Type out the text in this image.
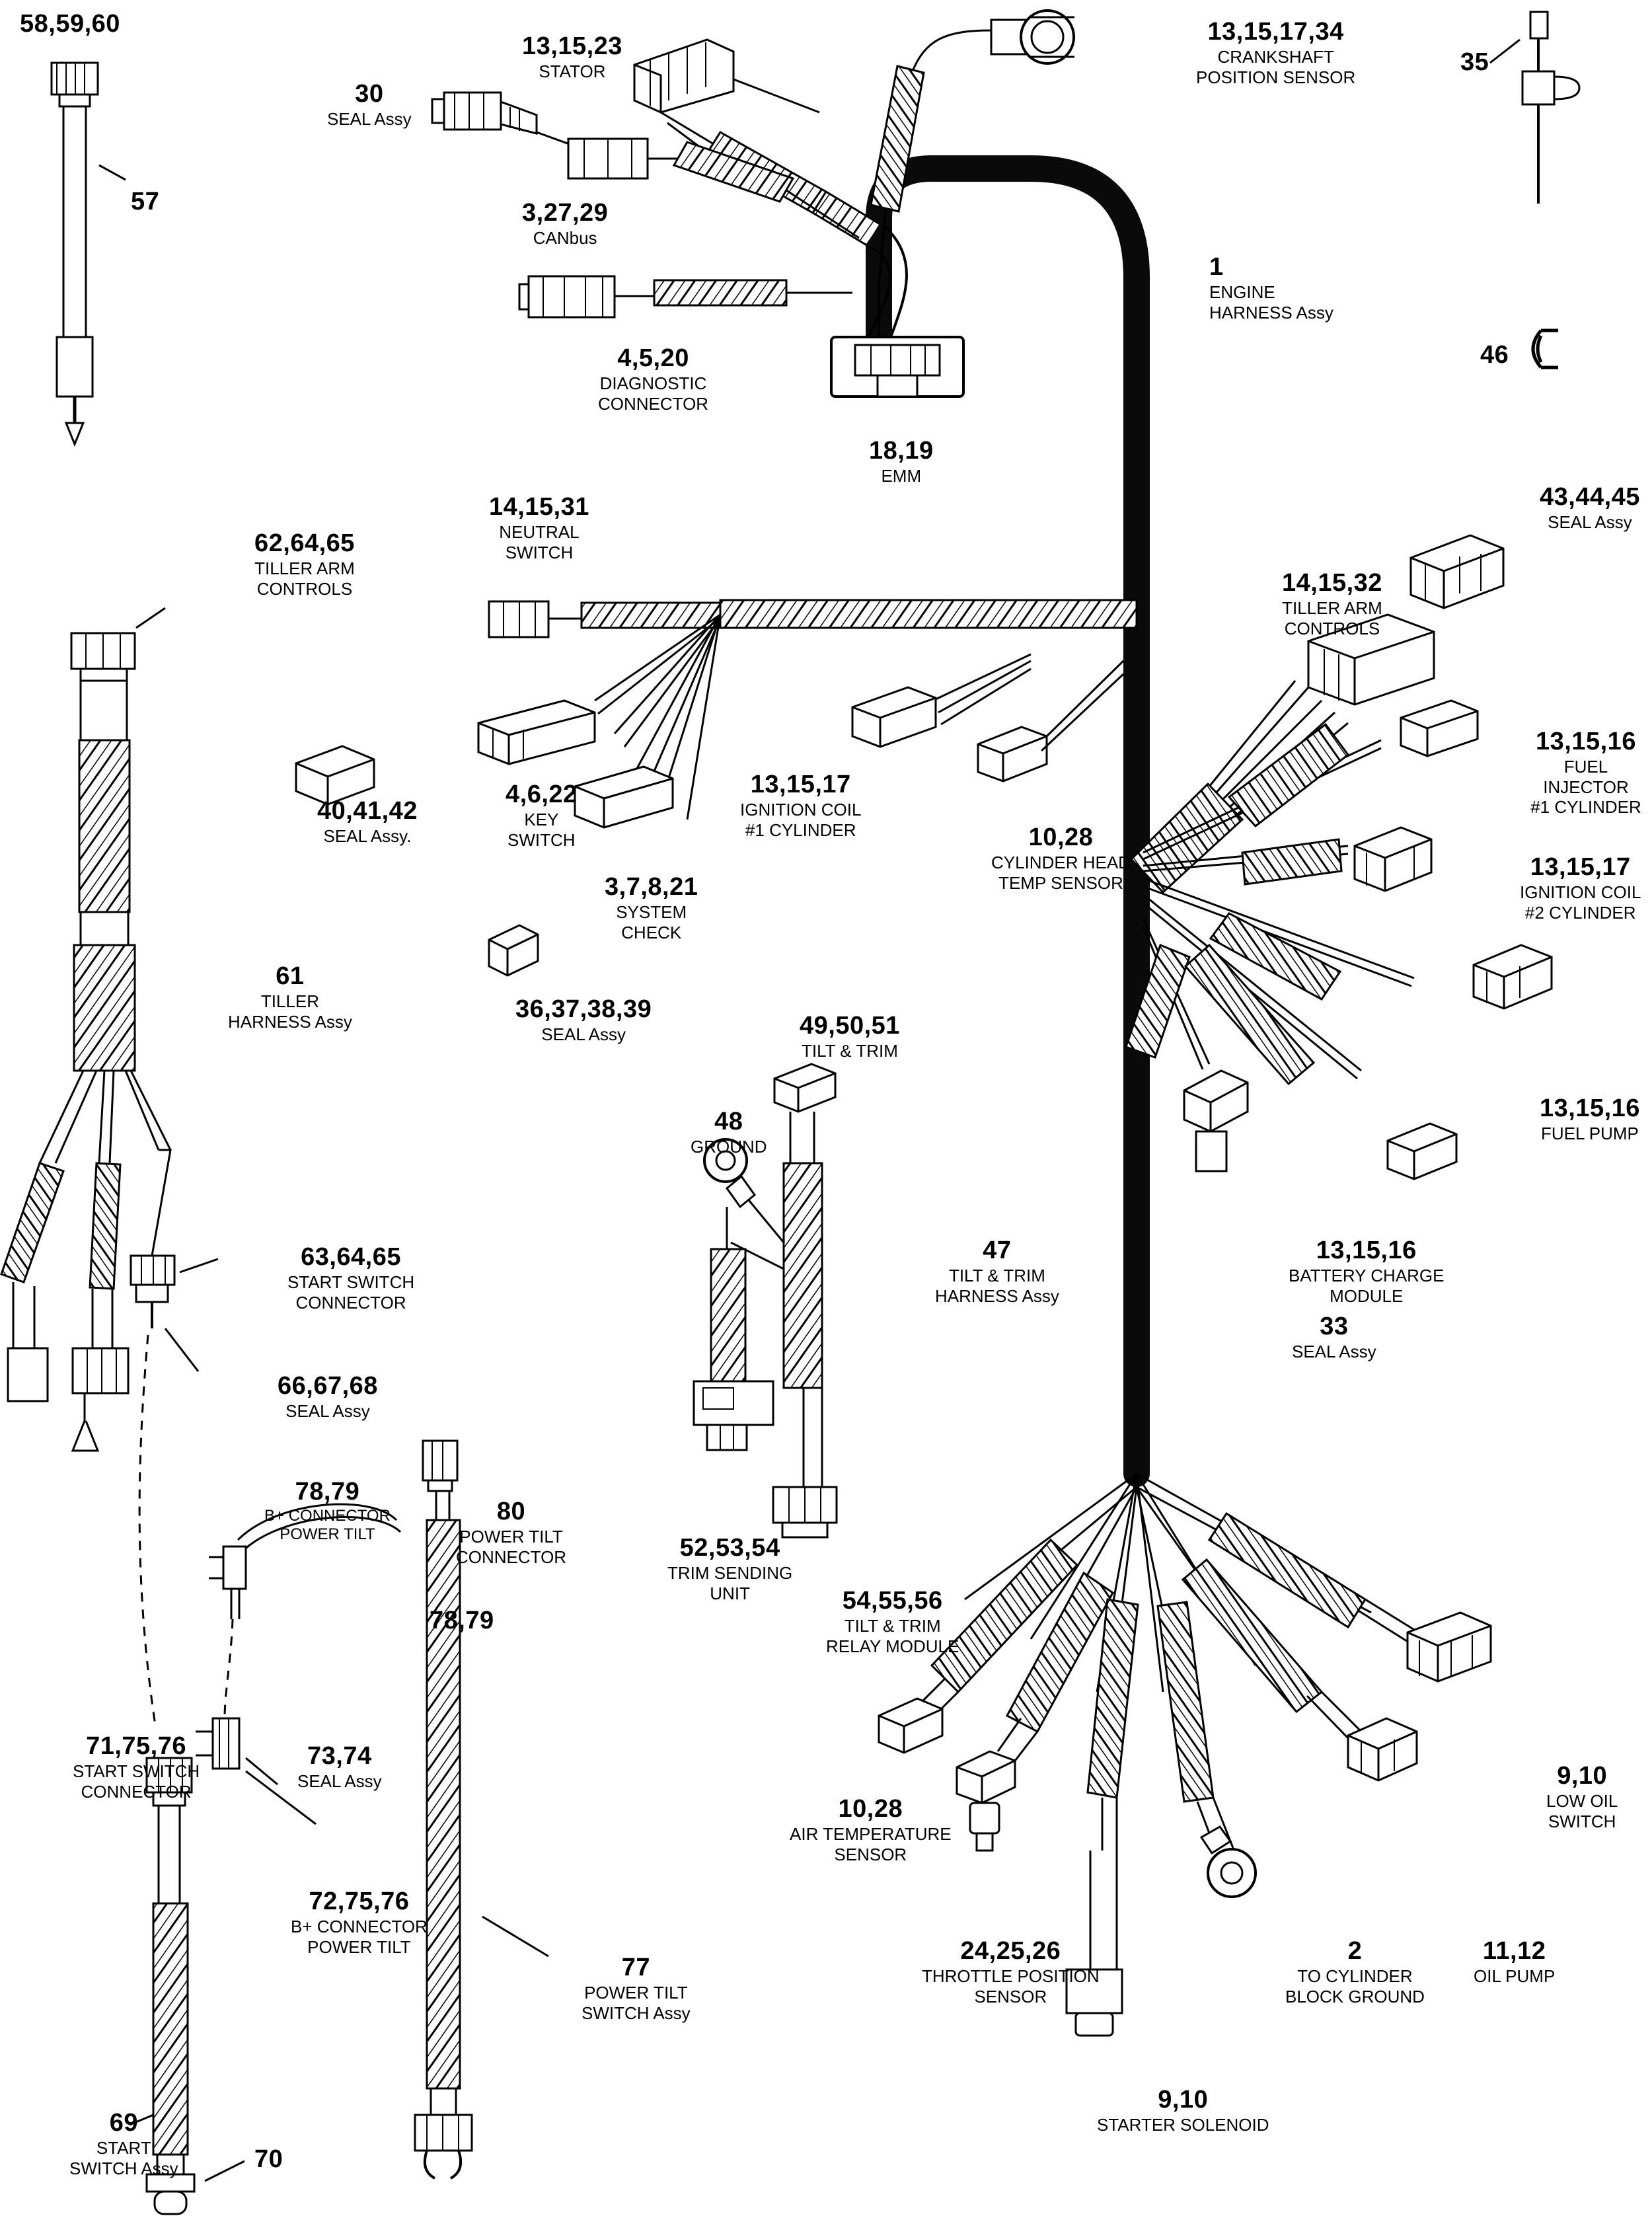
58,59,60
57
30
SEAL Assy
13,15,23
STATOR
3,27,29
CANbus
13,15,17,34
CRANKSHAFT
POSITION SENSOR
35
46
1
ENGINE
HARNESS Assy
4,5,20
DIAGNOSTIC
CONNECTOR
18,19
EMM
43,44,45
SEAL Assy
14,15,31
NEUTRAL
SWITCH
62,64,65
TILLER ARM
CONTROLS	14,15,32
TILLER ARM
CONTROLS
13,15,16
FUEL INJECTOR
#1 CYLINDER
4,6,22
KEY
SWITCH
13,15,17
IGNITION COIL
#1 CYLINDER	10,28
CYLINDER HEAD
TEMP SENSOR
13,15,17
IGNITION COIL
#2 CYLINDER
40,41,42
SEAL Assy.
3,7,8,21
SYSTEM
CHECK
61
TILLER
HARNESS Assy	36,37,38,39
SEAL Assy
13,15,16
FUEL PUMP
49,50,51
TILT & TRIM
48
GROUND
47
TILT & TRIM
HARNESS Assy
13,15,16
BATTERY CHARGE
MODULE
33
SEAL Assy
63,64,65
START SWITCH
CONNECTOR
66,67,68
SEAL Assy
78,79
B+ CONNECTOR
POWER TILT
80
POWER TILT
CONNECTOR
78,79
52,53,54
TRIM SENDING
UNIT	54,55,56
TILT & TRIM
RELAY MODULE
71,75,76
START SWITCH
CONNECTOR
73,74
SEAL Assy
72,75,76
B+ CONNECTOR
POWER TILT
77
POWER TILT
SWITCH Assy
69
START
SWITCH Assy	70
10,28
AIR TEMPERATURE
SENSOR
24,25,26
THROTTLE POSITION
SENSOR
2
TO CYLINDER
BLOCK GROUND
9,10
STARTER SOLENOID
11,12
OIL PUMP
9,10
LOW OIL
SWITCH
